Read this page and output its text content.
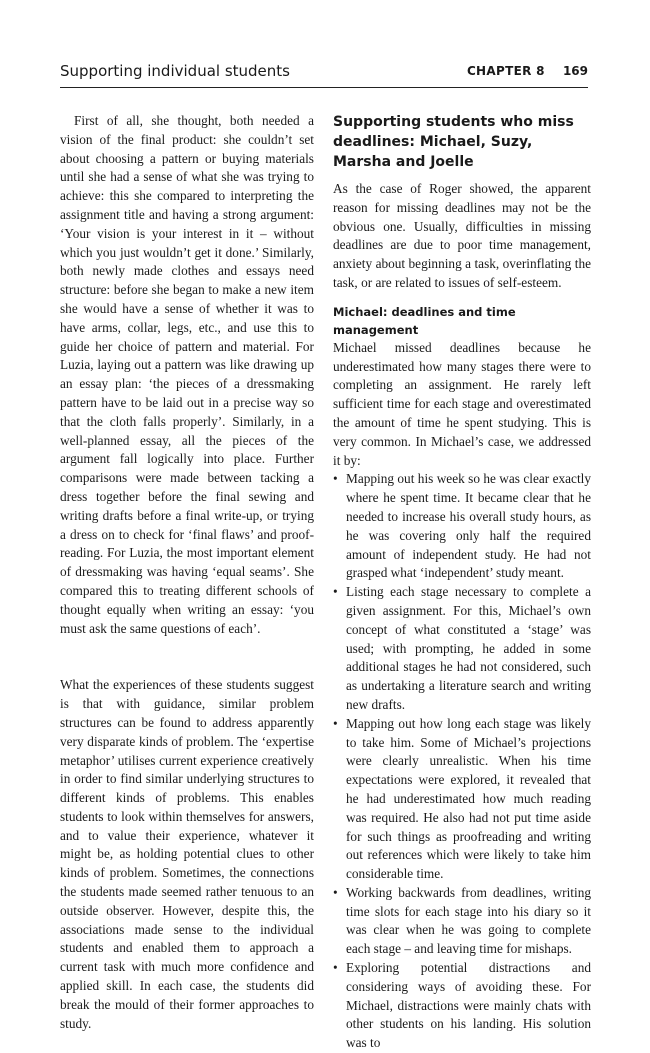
Supporting individual students	CHAPTER 8 169

First of all, she thought, both needed a vision of the final product: she couldn’t set about choosing a pattern or buying materials until she had a sense of what she was trying to achieve: this she compared to interpreting the assignment title and having a strong argument: ‘Your vision is your interest in it – without which you just wouldn’t get it done.’ Similarly, both newly made clothes and essays need structure: before she began to make a new item she would have a sense of whether it was to have arms, collar, legs, etc., and use this to guide her choice of pattern and material. For Luzia, laying out a pattern was like drawing up an essay plan: ‘the pieces of a dressmaking pattern have to be laid out in a precise way so that the cloth falls properly’. Similarly, in a well-planned essay, all the pieces of the argument fall logically into place. Further comparisons were made between tacking a dress together before the final sewing and writing drafts before a final write-up, or trying a dress on to check for ‘final flaws’ and proof-reading. For Luzia, the most important element of dressmaking was having ‘equal seams’. She compared this to treating different schools of thought equally when writing an essay: ‘you must ask the same questions of each’.

What the experiences of these students suggest is that with guidance, similar problem structures can be found to address apparently very disparate kinds of problem. The ‘expertise metaphor’ utilises current experience creatively in order to find similar underlying structures to different kinds of problems. This enables students to look within themselves for answers, and to value their experience, whatever it might be, as holding potential clues to other kinds of problem. Sometimes, the connections the students made seemed rather tenuous to an outside observer. However, despite this, the associations made sense to the individual students and enabled them to approach a current task with much more confidence and applied skill. In each case, the students did break the mould of their former approaches to study.

Supporting students who miss deadlines: Michael, Suzy, Marsha and Joelle

As the case of Roger showed, the apparent reason for missing deadlines may not be the obvious one. Usually, difficulties in missing deadlines are due to poor time management, anxiety about beginning a task, overinflating the task, or are related to issues of self-esteem.

Michael: deadlines and time management

Michael missed deadlines because he underestimated how many stages there were to completing an assignment. He rarely left sufficient time for each stage and overestimated the amount of time he spent studying. This is very common. In Michael’s case, we addressed it by:

• Mapping out his week so he was clear exactly where he spent time. It became clear that he needed to increase his overall study hours, as he was covering only half the required amount of independent study. He had not grasped what ‘independent’ study meant.
• Listing each stage necessary to complete a given assignment. For this, Michael’s own concept of what constituted a ‘stage’ was used; with prompting, he added in some additional stages he had not considered, such as undertaking a literature search and writing new drafts.
• Mapping out how long each stage was likely to take him. Some of Michael’s projections were clearly unrealistic. When his time expectations were explored, it revealed that he had underestimated how much reading was required. He also had not put time aside for such things as proofreading and writing out references which were likely to take him considerable time.
• Working backwards from deadlines, writing time slots for each stage into his diary so it was clear when he was going to complete each stage – and leaving time for mishaps.
• Exploring potential distractions and considering ways of avoiding these. For Michael, distractions were mainly chats with other students on his landing. His solution was to
